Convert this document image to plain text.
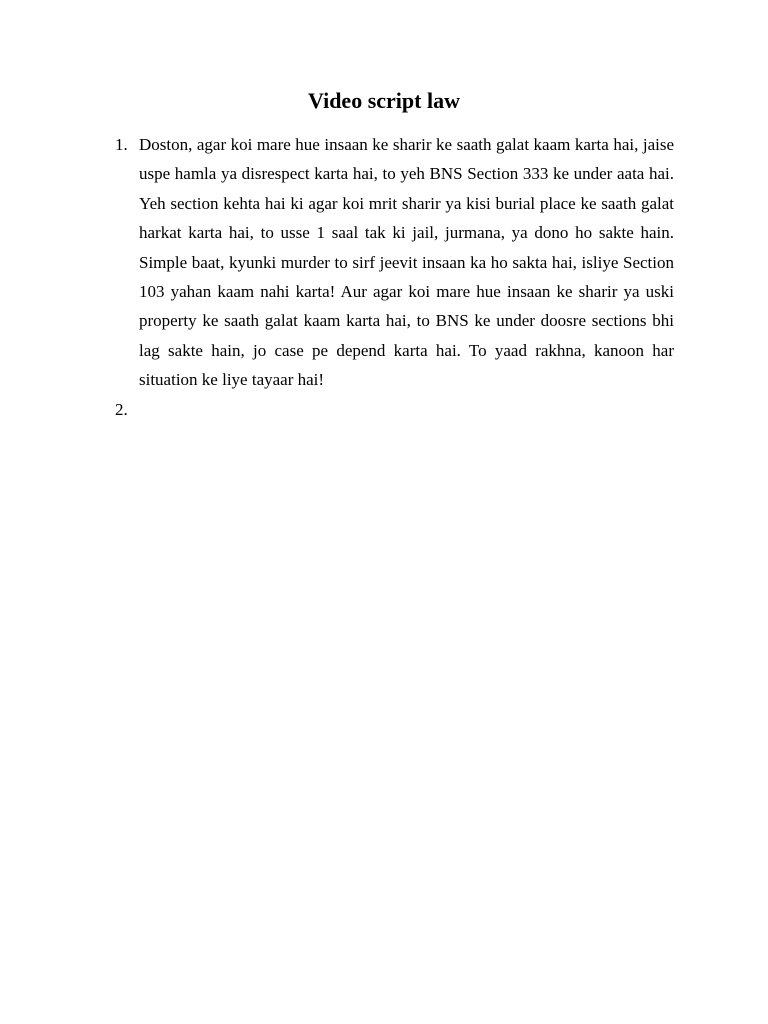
Video script law
1. Doston, agar koi mare hue insaan ke sharir ke saath galat kaam karta hai, jaise uspe hamla ya disrespect karta hai, to yeh BNS Section 333 ke under aata hai. Yeh section kehta hai ki agar koi mrit sharir ya kisi burial place ke saath galat harkat karta hai, to usse 1 saal tak ki jail, jurmana, ya dono ho sakte hain. Simple baat, kyunki murder to sirf jeevit insaan ka ho sakta hai, isliye Section 103 yahan kaam nahi karta! Aur agar koi mare hue insaan ke sharir ya uski property ke saath galat kaam karta hai, to BNS ke under doosre sections bhi lag sakte hain, jo case pe depend karta hai. To yaad rakhna, kanoon har situation ke liye tayaar hai!
2.
